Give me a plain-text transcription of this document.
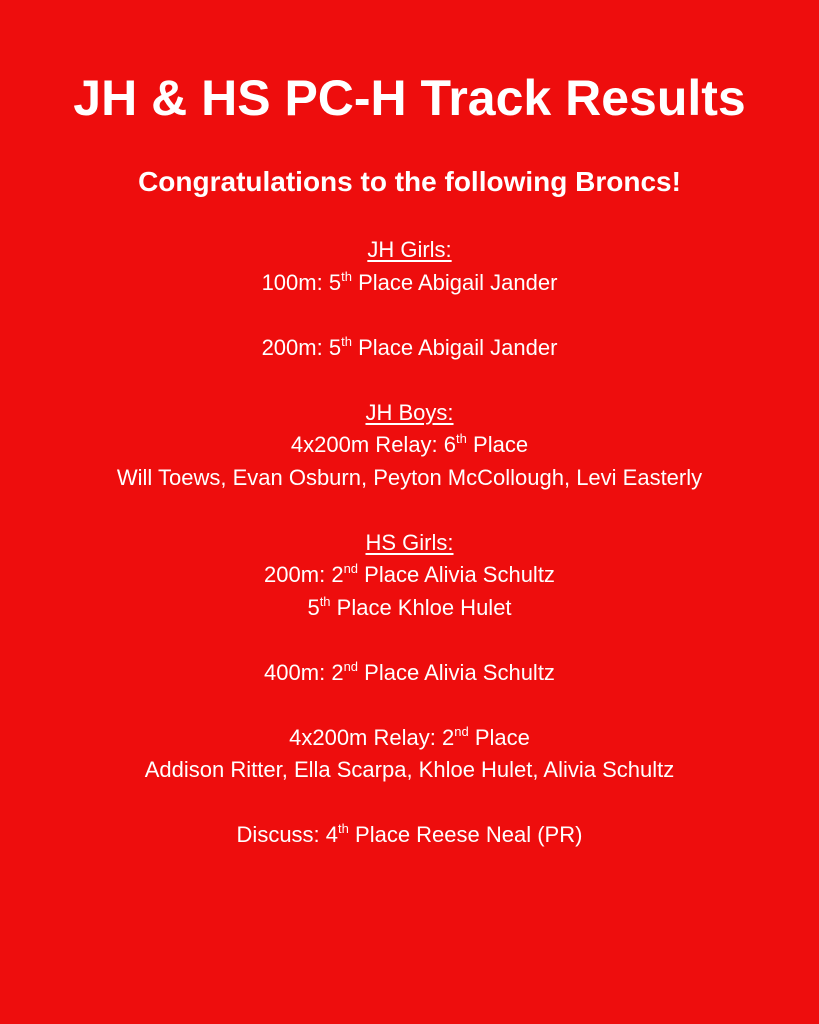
JH & HS PC-H Track Results
Congratulations to the following Broncs!
JH Girls:
100m: 5th Place Abigail Jander
200m: 5th Place Abigail Jander
JH Boys:
4x200m Relay: 6th Place
Will Toews, Evan Osburn, Peyton McCollough, Levi Easterly
HS Girls:
200m: 2nd Place Alivia Schultz
5th Place Khloe Hulet
400m: 2nd Place Alivia Schultz
4x200m Relay: 2nd Place
Addison Ritter, Ella Scarpa, Khloe Hulet, Alivia Schultz
Discuss: 4th Place Reese Neal (PR)
